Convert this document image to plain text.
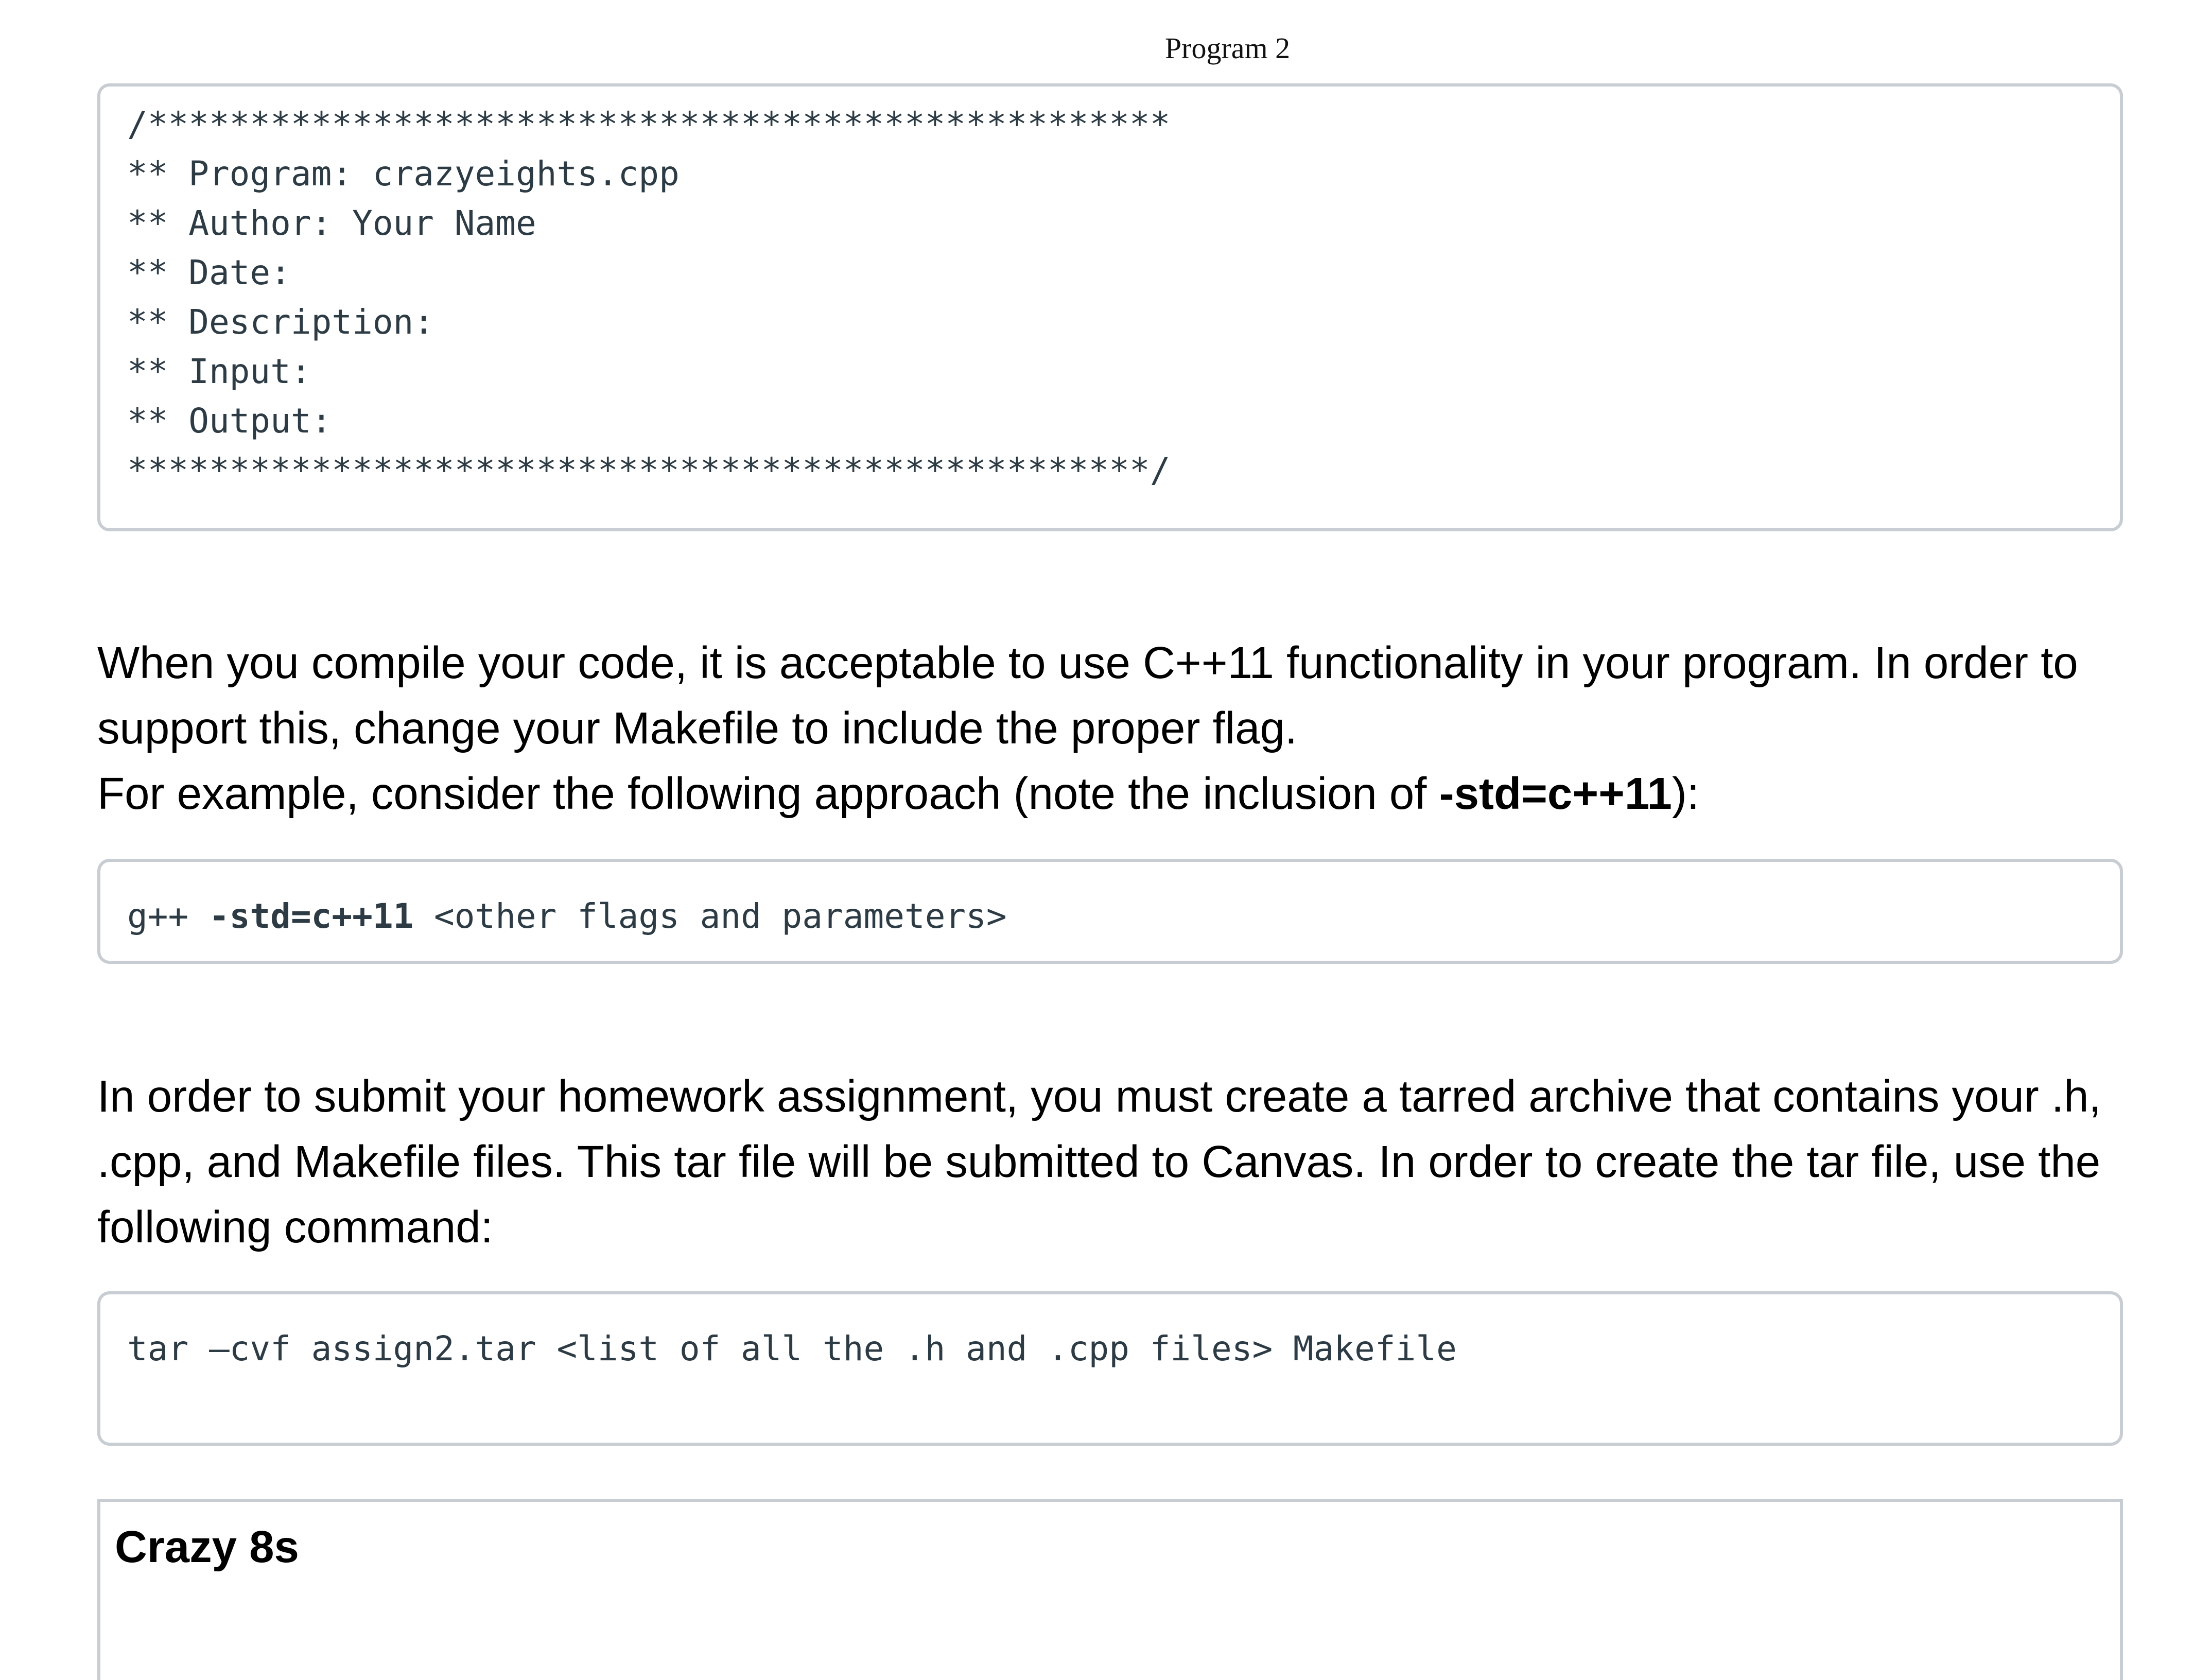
Program 2
/**************************************************
** Program: crazyeights.cpp
** Author: Your Name
** Date:
** Description:
** Input:
** Output:
**************************************************/
When you compile your code, it is acceptable to use C++11 functionality in your program. In order to
support this, change your Makefile to include the proper flag.
For example, consider the following approach (note the inclusion of -std=c++11):
g++ -std=c++11 <other flags and parameters>
In order to submit your homework assignment, you must create a tarred archive that contains your .h,
.cpp, and Makefile files. This tar file will be submitted to Canvas. In order to create the tar file, use the
following command:
tar –cvf assign2.tar <list of all the .h and .cpp files> Makefile
Crazy 8s
